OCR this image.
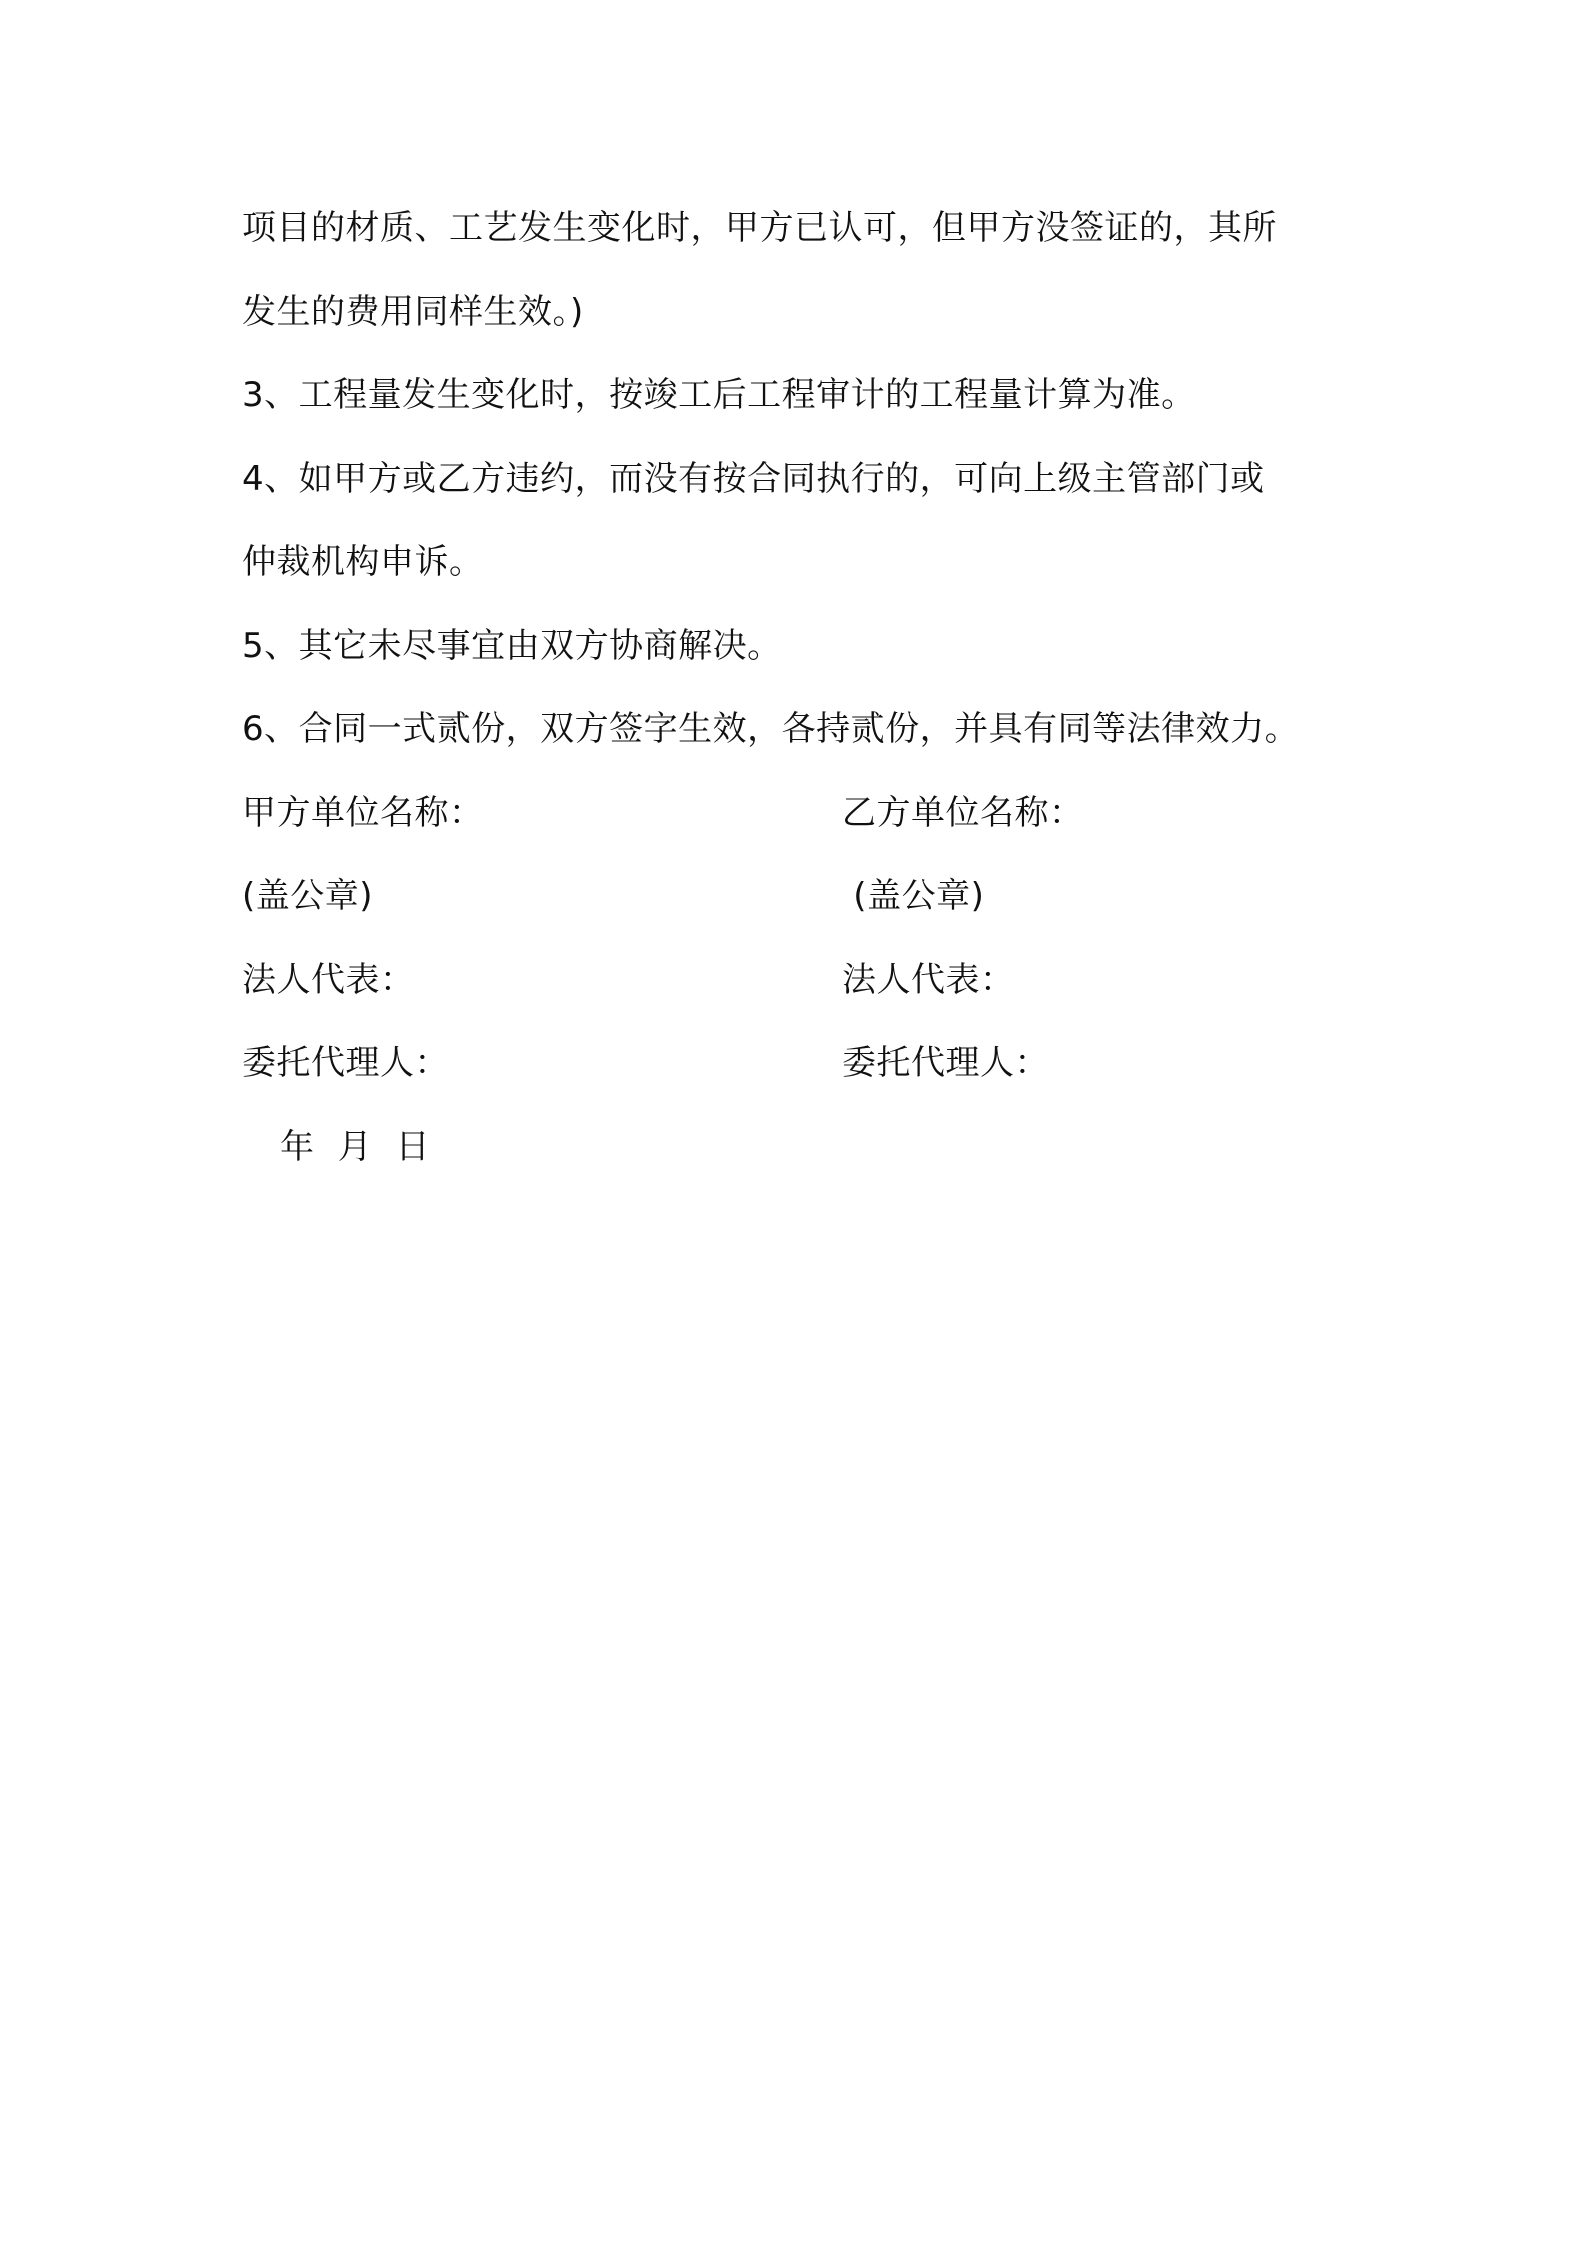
项目的材质、工艺发生变化时，甲方已认可，但甲方没签证的，其所
发生的费用同样生效。)
3、工程量发生变化时，按竣工后工程审计的工程量计算为准。
4、如甲方或乙方违约，而没有按合同执行的，可向上级主管部门或
仲裁机构申诉。
5、其它未尽事宜由双方协商解决。
6、合同一式贰份，双方签字生效，各持贰份，并具有同等法律效力。
甲方单位名称：
(盖公章)
法人代表：
委托代理人：
乙方单位名称：
(盖公章)
法人代表：
委托代理人：
年 月 日
